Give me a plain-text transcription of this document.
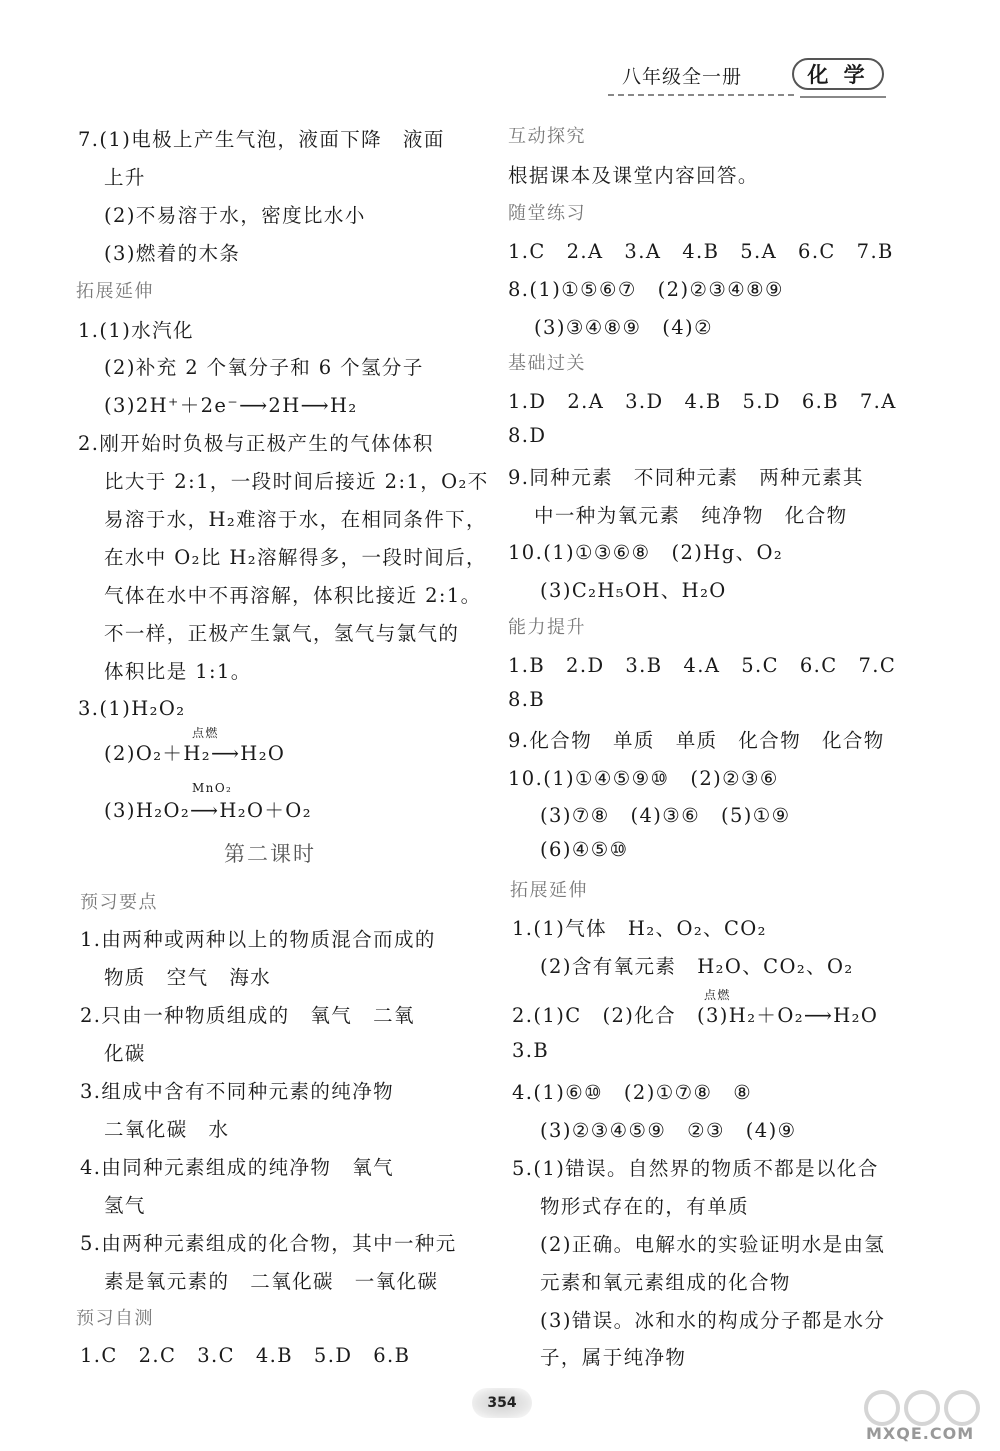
八年级全一册	化 学
7.(1)电极上产生气泡，液面下降　液面
上升
(2)不易溶于水，密度比水小
(3)燃着的木条
拓展延伸
1.(1)水汽化
(2)补充 2 个氧分子和 6 个氢分子
(3)2H⁺＋2e⁻⟶2H⟶H₂
2.刚开始时负极与正极产生的气体体积
比大于 2:1，一段时间后接近 2:1，O₂不
易溶于水，H₂难溶于水，在相同条件下，
在水中 O₂比 H₂溶解得多，一段时间后，
气体在水中不再溶解，体积比接近 2:1。
不一样，正极产生氯气，氢气与氯气的
体积比是 1:1。
3.(1)H₂O₂
(2)O₂＋H₂⟶H₂O
点燃
(3)H₂O₂⟶H₂O＋O₂
MnO₂
第二课时
预习要点
1.由两种或两种以上的物质混合而成的
物质　空气　海水
2.只由一种物质组成的　氧气　二氧
化碳
3.组成中含有不同种元素的纯净物
二氧化碳　水
4.由同种元素组成的纯净物　氧气
氢气
5.由两种元素组成的化合物，其中一种元
素是氧元素的　二氧化碳　一氧化碳
预习自测
1.C　2.C　3.C　4.B　5.D　6.B
互动探究
根据课本及课堂内容回答。
随堂练习
1.C　2.A　3.A　4.B　5.A　6.C　7.B
8.(1)①⑤⑥⑦　(2)②③④⑧⑨
(3)③④⑧⑨　(4)②
基础过关
1.D　2.A　3.D　4.B　5.D　6.B　7.A
8.D
9.同种元素　不同种元素　两种元素其
中一种为氧元素　纯净物　化合物
10.(1)①③⑥⑧　(2)Hg、O₂
(3)C₂H₅OH、H₂O
能力提升
1.B　2.D　3.B　4.A　5.C　6.C　7.C
8.B
9.化合物　单质　单质　化合物　化合物
10.(1)①④⑤⑨⑩　(2)②③⑥
(3)⑦⑧　(4)③⑥　(5)①⑨
(6)④⑤⑩
拓展延伸
1.(1)气体　H₂、O₂、CO₂
(2)含有氧元素　H₂O、CO₂、O₂
2.(1)C　(2)化合　(3)H₂＋O₂⟶H₂O
点燃
3.B
4.(1)⑥⑩　(2)①⑦⑧　⑧
(3)②③④⑤⑨　②③　(4)⑨
5.(1)错误。自然界的物质不都是以化合
物形式存在的，有单质
(2)正确。电解水的实验证明水是由氢
元素和氧元素组成的化合物
(3)错误。冰和水的构成分子都是水分
子，属于纯净物
354
MXQE.COM
